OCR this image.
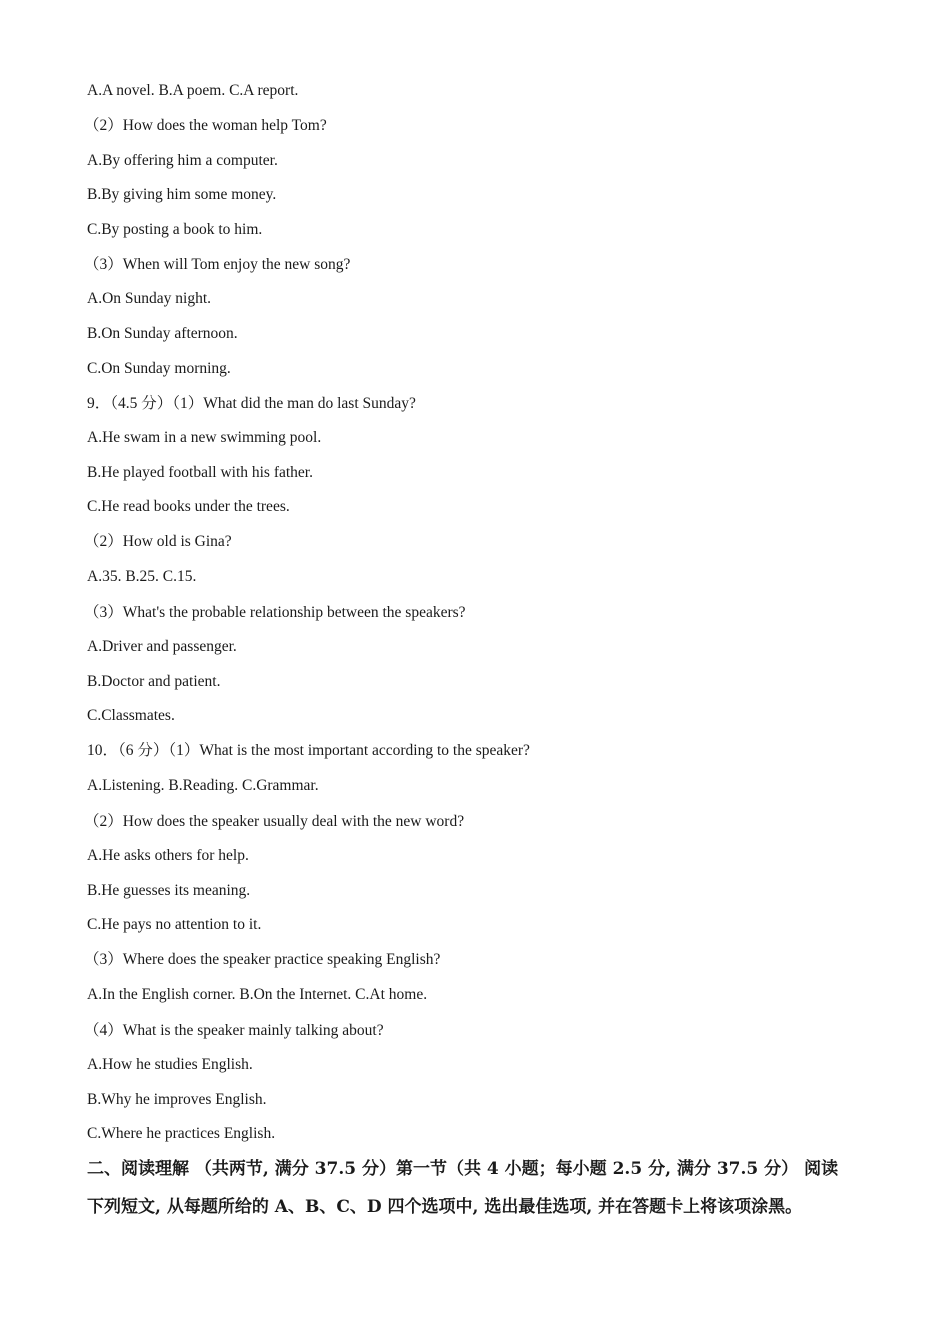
A.A novel. B.A poem. C.A report.
（2）How does the woman help Tom?
A.By offering him a computer.
B.By giving him some money.
C.By posting a book to him.
（3）When will Tom enjoy the new song?
A.On Sunday night.
B.On Sunday afternoon.
C.On Sunday morning.
9．（4.5 分）（1）What did the man do last Sunday?
A.He swam in a new swimming pool.
B.He played football with his father.
C.He read books under the trees.
（2）How old is Gina?
A.35. B.25. C.15.
（3）What's the probable relationship between the speakers?
A.Driver and passenger.
B.Doctor and patient.
C.Classmates.
10．（6 分）（1）What is the most important according to the speaker?
A.Listening. B.Reading. C.Grammar.
（2）How does the speaker usually deal with the new word?
A.He asks others for help.
B.He guesses its meaning.
C.He pays no attention to it.
（3）Where does the speaker practice speaking English?
A.In the English corner. B.On the Internet. C.At home.
（4）What is the speaker mainly talking about?
A.How he studies English.
B.Why he improves English.
C.Where he practices English.
二、阅读理解 （共两节, 满分 37.5 分）第一节（共 4 小题；每小题 2.5 分, 满分 37.5 分） 阅读
下列短文, 从每题所给的 A、B、C、D 四个选项中, 选出最佳选项, 并在答题卡上将该项涂黑。
